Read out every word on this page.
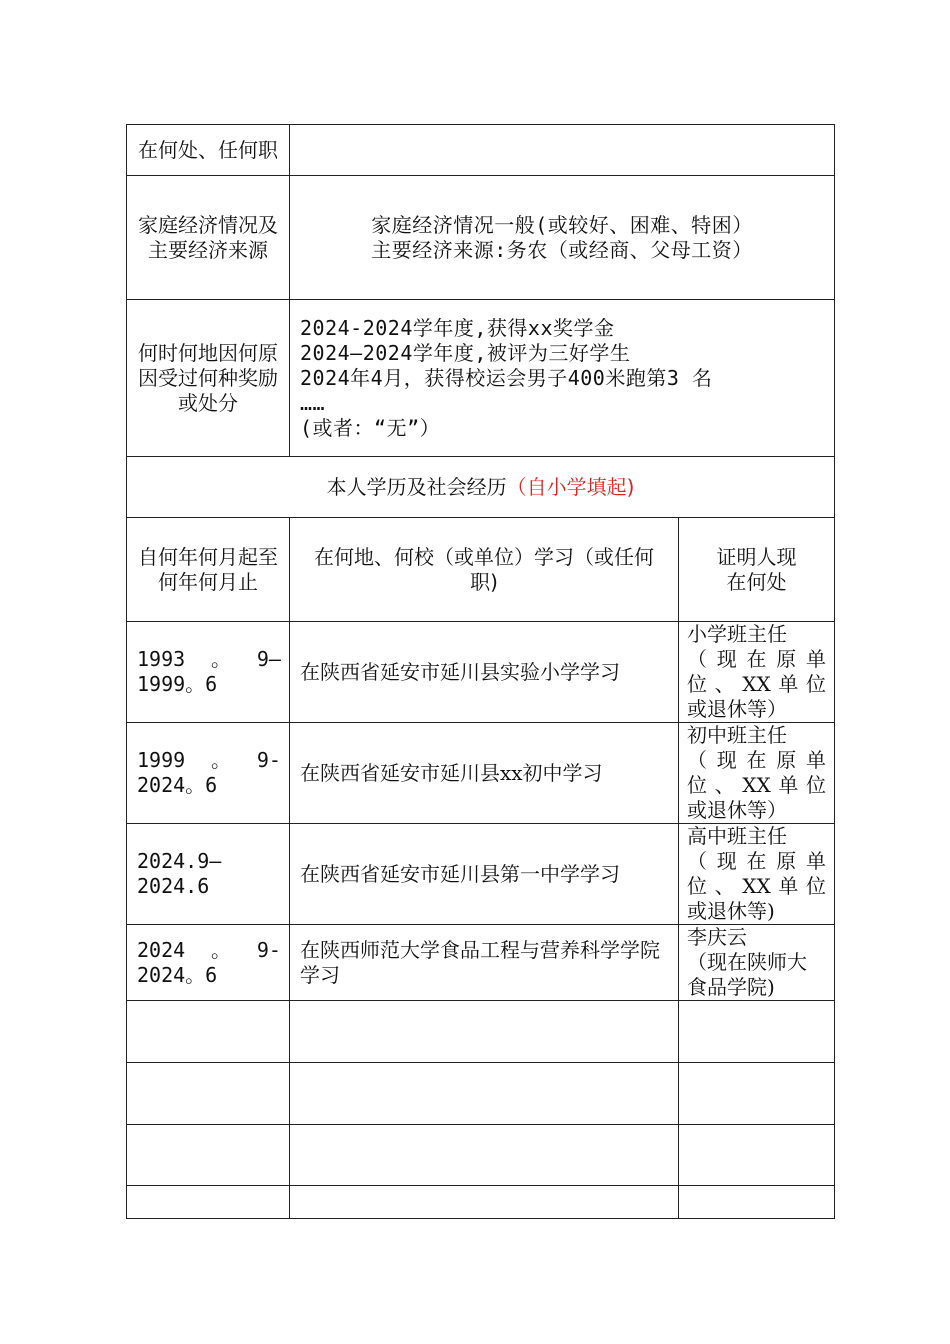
在何处、任何职		
家庭经济情况及主要经济来源	家庭经济情况一般(或较好、困难、特困）
主要经济来源:务农（或经商、父母工资）	

何时何地因何原因受过何种奖励或处分	2024-2024学年度,获得xx奖学金
2024—2024学年度,被评为三好学生
2024年4月，获得校运会男子400米跑第3 名
……
(或者：“无”）	

本人学历及社会经历（自小学填起)		
自何年何月起至何年何月止	在何地、何校（或单位）学习（或任何职)	证明人现在何处

1993 。 9—
1999。6	在陕西省延安市延川县实验小学学习	小学班主任
（现在原单位、XX单位
或退休等）

1999 。 9-
2024。6	在陕西省延安市延川县xx初中学习	初中班主任
（现在原单位、XX单位
或退休等）

2024.9—
2024.6	在陕西省延安市延川县第一中学学习	高中班主任
（现在原单位、XX单位
或退休等)

2024 。 9-
2024。6	在陕西师范大学食品工程与营养科学学院学习	李庆云
（现在陕师大
食品学院)
